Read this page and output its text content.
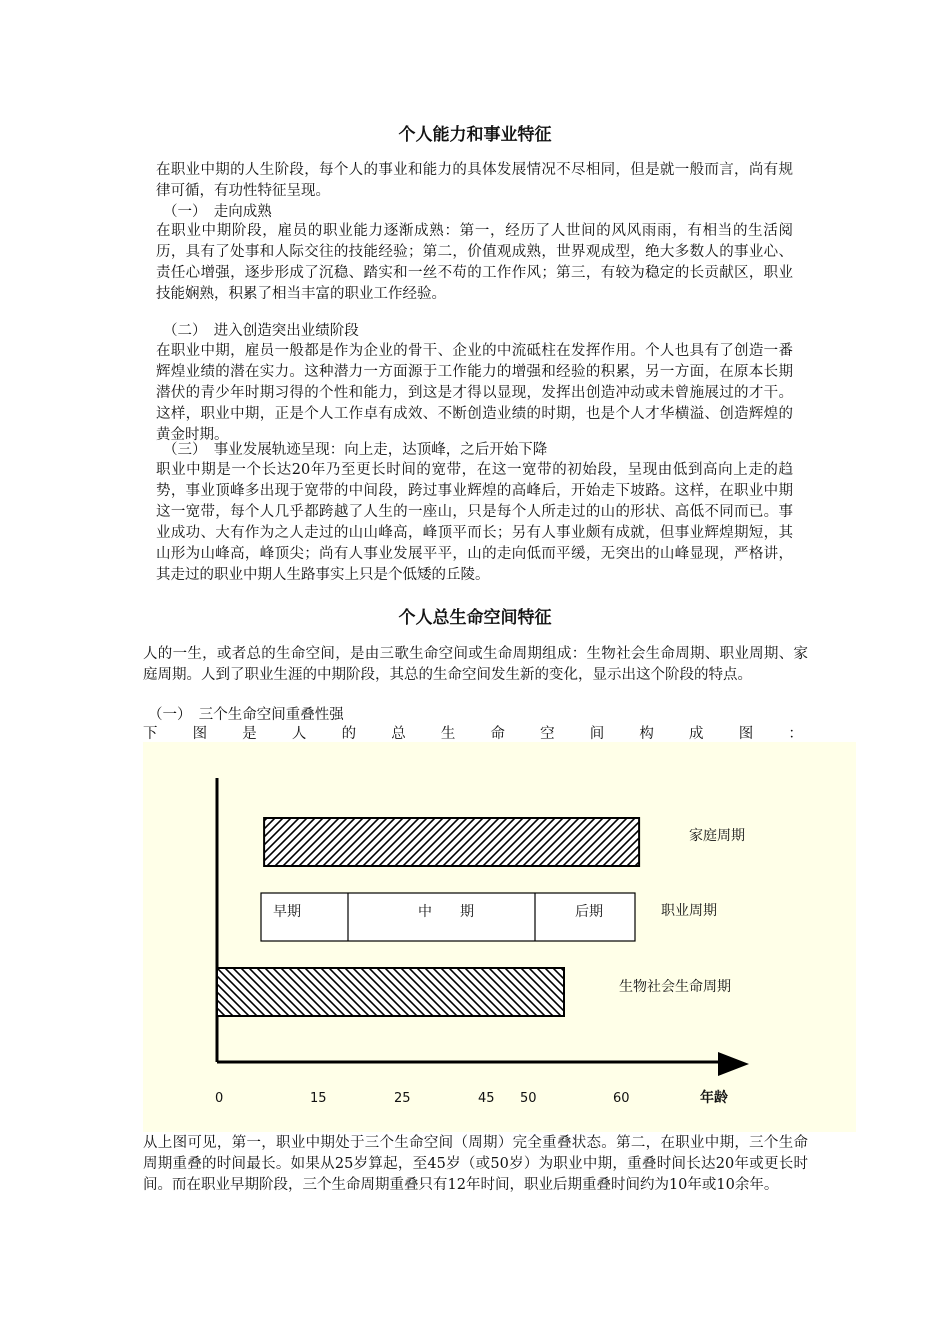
个人能力和事业特征

在职业中期的人生阶段，每个人的事业和能力的具体发展情况不尽相同，但是就一般而言，尚有规律可循，有功性特征呈现。

（一）　走向成熟

在职业中期阶段，雇员的职业能力逐渐成熟：第一，经历了人世间的风风雨雨，有相当的生活阅历，具有了处事和人际交往的技能经验；第二，价值观成熟，世界观成型，绝大多数人的事业心、责任心增强，逐步形成了沉稳、踏实和一丝不苟的工作作风；第三，有较为稳定的长贡献区，职业技能娴熟，积累了相当丰富的职业工作经验。

（二）　进入创造突出业绩阶段

在职业中期，雇员一般都是作为企业的骨干、企业的中流砥柱在发挥作用。个人也具有了创造一番辉煌业绩的潜在实力。这种潜力一方面源于工作能力的增强和经验的积累，另一方面，在原本长期潜伏的青少年时期习得的个性和能力，到这是才得以显现，发挥出创造冲动或未曾施展过的才干。这样，职业中期，正是个人工作卓有成效、不断创造业绩的时期，也是个人才华横溢、创造辉煌的黄金时期。

（三）　事业发展轨迹呈现：向上走，达顶峰，之后开始下降

职业中期是一个长达20年乃至更长时间的宽带，在这一宽带的初始段，呈现由低到高向上走的趋势，事业顶峰多出现于宽带的中间段，跨过事业辉煌的高峰后，开始走下坡路。这样，在职业中期这一宽带，每个人几乎都跨越了人生的一座山，只是每个人所走过的山的形状、高低不同而已。事业成功、大有作为之人走过的山山峰高，峰顶平而长；另有人事业颇有成就，但事业辉煌期短，其山形为山峰高，峰顶尖；尚有人事业发展平平，山的走向低而平缓，无突出的山峰显现，严格讲，其走过的职业中期人生路事实上只是个低矮的丘陵。

个人总生命空间特征

人的一生，或者总的生命空间，是由三歌生命空间或生命周期组成：生物社会生命周期、职业周期、家庭周期。人到了职业生涯的中期阶段，其总的生命空间发生新的变化，显示出这个阶段的特点。

（一）　三个生命空间重叠性强

下 图 是 人 的 总 生 命 空 间 构 成 图 ：
家庭周期
早期	中　　期	后期	职业周期
生物社会生命周期
0	15	25	45 50	60	年龄

从上图可见，第一，职业中期处于三个生命空间（周期）完全重叠状态。第二，在职业中期，三个生命周期重叠的时间最长。如果从25岁算起，至45岁（或50岁）为职业中期，重叠时间长达20年或更长时间。而在职业早期阶段，三个生命周期重叠只有12年时间，职业后期重叠时间约为10年或10余年。
